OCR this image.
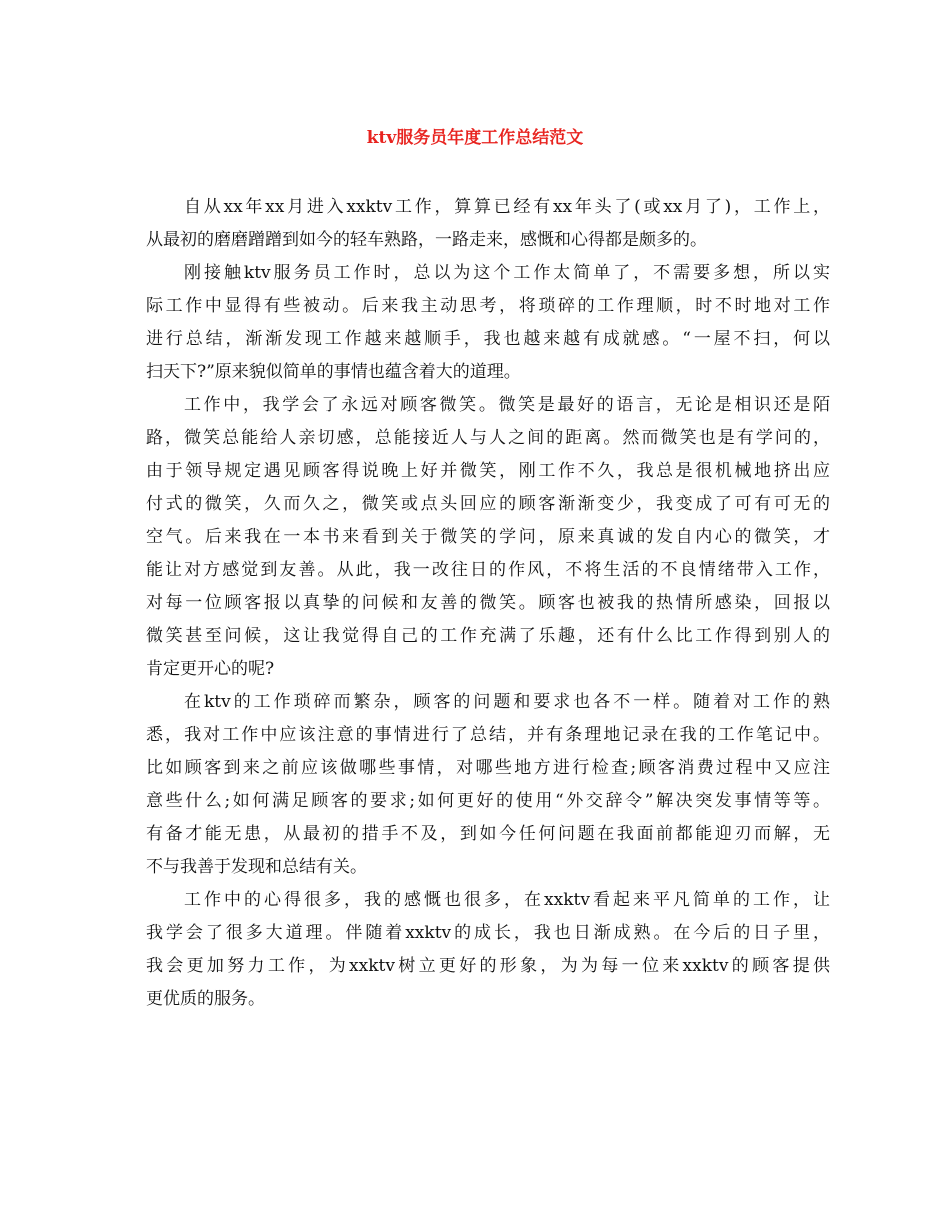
ktv服务员年度工作总结范文
自从xx年xx月进入xxktv工作，算算已经有xx年头了(或xx月了)，工作上，
从最初的磨磨蹭蹭到如今的轻车熟路，一路走来，感慨和心得都是颇多的。
刚接触ktv服务员工作时，总以为这个工作太简单了，不需要多想，所以实
际工作中显得有些被动。后来我主动思考，将琐碎的工作理顺，时不时地对工作
进行总结，渐渐发现工作越来越顺手，我也越来越有成就感。“一屋不扫，何以
扫天下?”原来貌似简单的事情也蕴含着大的道理。
工作中，我学会了永远对顾客微笑。微笑是最好的语言，无论是相识还是陌
路，微笑总能给人亲切感，总能接近人与人之间的距离。然而微笑也是有学问的，
由于领导规定遇见顾客得说晚上好并微笑，刚工作不久，我总是很机械地挤出应
付式的微笑，久而久之，微笑或点头回应的顾客渐渐变少，我变成了可有可无的
空气。后来我在一本书来看到关于微笑的学问，原来真诚的发自内心的微笑，才
能让对方感觉到友善。从此，我一改往日的作风，不将生活的不良情绪带入工作，
对每一位顾客报以真挚的问候和友善的微笑。顾客也被我的热情所感染，回报以
微笑甚至问候，这让我觉得自己的工作充满了乐趣，还有什么比工作得到别人的
肯定更开心的呢?
在ktv的工作琐碎而繁杂，顾客的问题和要求也各不一样。随着对工作的熟
悉，我对工作中应该注意的事情进行了总结，并有条理地记录在我的工作笔记中。
比如顾客到来之前应该做哪些事情，对哪些地方进行检查;顾客消费过程中又应注
意些什么;如何满足顾客的要求;如何更好的使用“外交辞令”解决突发事情等等。
有备才能无患，从最初的措手不及，到如今任何问题在我面前都能迎刃而解，无
不与我善于发现和总结有关。
工作中的心得很多，我的感慨也很多，在xxktv看起来平凡简单的工作，让
我学会了很多大道理。伴随着xxktv的成长，我也日渐成熟。在今后的日子里，
我会更加努力工作，为xxktv树立更好的形象，为为每一位来xxktv的顾客提供
更优质的服务。
